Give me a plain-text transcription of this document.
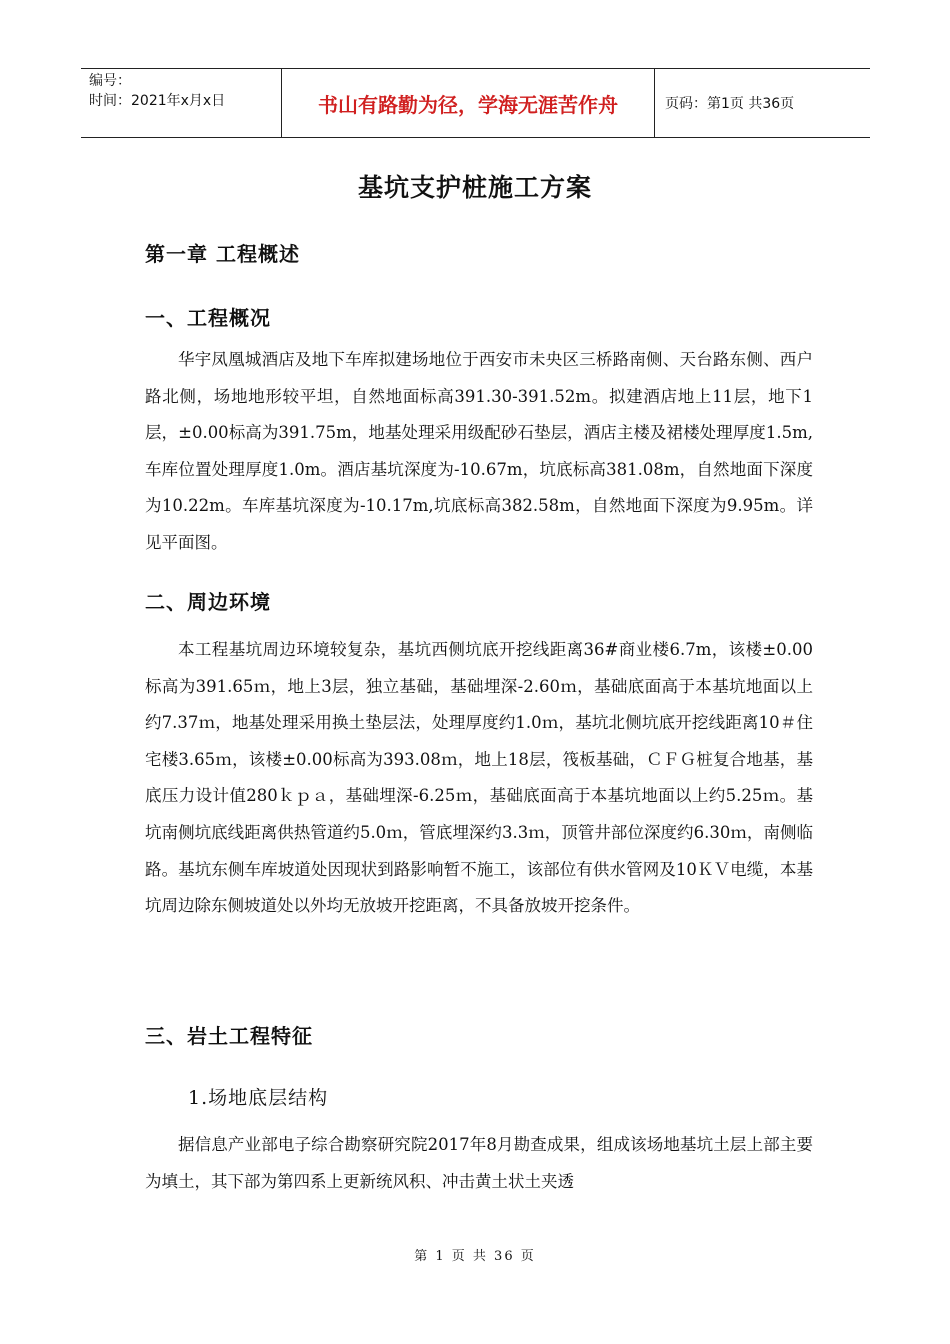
编号：
时间：2021年x月x日	书山有路勤为径，学海无涯苦作舟	页码：第1页 共36页
基坑支护桩施工方案
第一章 工程概述
一、工程概况
华宇凤凰城酒店及地下车库拟建场地位于西安市未央区三桥路南侧、天台路东侧、西户路北侧，场地地形较平坦，自然地面标高391.30-391.52m。拟建酒店地上11层，地下1层，±0.00标高为391.75m，地基处理采用级配砂石垫层，酒店主楼及裙楼处理厚度1.5m,车库位置处理厚度1.0m。酒店基坑深度为-10.67m，坑底标高381.08m，自然地面下深度为10.22m。车库基坑深度为-10.17m,坑底标高382.58m，自然地面下深度为9.95m。详见平面图。
二、周边环境
本工程基坑周边环境较复杂，基坑西侧坑底开挖线距离36#商业楼6.7m，该楼±0.00标高为391.65ｍ，地上3层，独立基础，基础埋深-2.60ｍ，基础底面高于本基坑地面以上约7.37ｍ，地基处理采用换土垫层法，处理厚度约1.0ｍ，基坑北侧坑底开挖线距离10＃住宅楼3.65ｍ，该楼±0.00标高为393.08ｍ，地上18层，筏板基础，ＣＦＧ桩复合地基，基底压力设计值280ｋｐａ，基础埋深-6.25ｍ，基础底面高于本基坑地面以上约5.25ｍ。基坑南侧坑底线距离供热管道约5.0ｍ，管底埋深约3.3ｍ，顶管井部位深度约6.30ｍ，南侧临路。基坑东侧车库坡道处因现状到路影响暂不施工，该部位有供水管网及10ＫＶ电缆，本基坑周边除东侧坡道处以外均无放坡开挖距离，不具备放坡开挖条件。
三、岩土工程特征
1.场地底层结构
据信息产业部电子综合勘察研究院2017年8月勘查成果，组成该场地基坑土层上部主要为填土，其下部为第四系上更新统风积、冲击黄土状土夹透
第 1 页 共 36 页
